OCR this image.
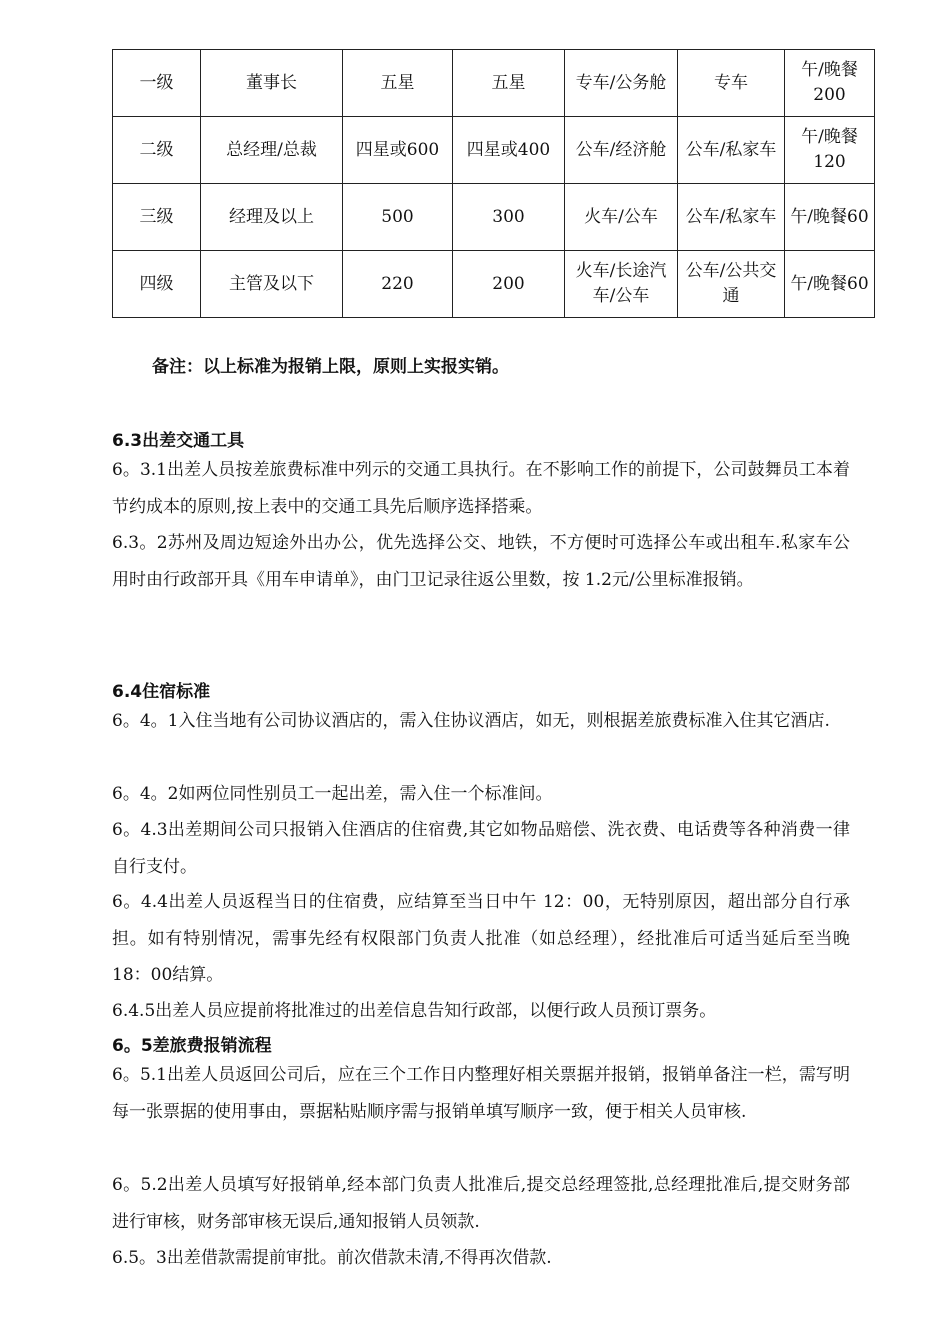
一级	董事长	五星	五星	专车/公务舱	专车	午/晚餐200
二级	总经理/总裁	四星或600	四星或400	公车/经济舱	公车/私家车	午/晚餐120
三级	经理及以上	500	300	火车/公车	公车/私家车	午/晚餐60
四级	主管及以下	220	200	火车/长途汽车/公车	公车/公共交通	午/晚餐60
备注：以上标准为报销上限，原则上实报实销。
6.3出差交通工具

6。3.1出差人员按差旅费标准中列示的交通工具执行。在不影响工作的前提下，公司鼓舞员工本着节约成本的原则,按上表中的交通工具先后顺序选择搭乘。

6.3。2苏州及周边短途外出办公，优先选择公交、地铁，不方便时可选择公车或出租车.私家车公用时由行政部开具《用车申请单》，由门卫记录往返公里数，按 1.2元/公里标准报销。

6.4住宿标准

6。4。1入住当地有公司协议酒店的，需入住协议酒店，如无，则根据差旅费标准入住其它酒店.

6。4。2如两位同性别员工一起出差，需入住一个标准间。

6。4.3出差期间公司只报销入住酒店的住宿费,其它如物品赔偿、洗衣费、电话费等各种消费一律自行支付。

6。4.4出差人员返程当日的住宿费，应结算至当日中午 12：00，无特别原因，超出部分自行承担。如有特别情况，需事先经有权限部门负责人批准（如总经理），经批准后可适当延后至当晚 18：00结算。

6.4.5出差人员应提前将批准过的出差信息告知行政部，以便行政人员预订票务。

6。5差旅费报销流程

6。5.1出差人员返回公司后，应在三个工作日内整理好相关票据并报销，报销单备注一栏，需写明每一张票据的使用事由，票据粘贴顺序需与报销单填写顺序一致，便于相关人员审核.

6。5.2出差人员填写好报销单,经本部门负责人批准后,提交总经理签批,总经理批准后,提交财务部进行审核，财务部审核无误后,通知报销人员领款.

6.5。3出差借款需提前审批。前次借款未清,不得再次借款.
